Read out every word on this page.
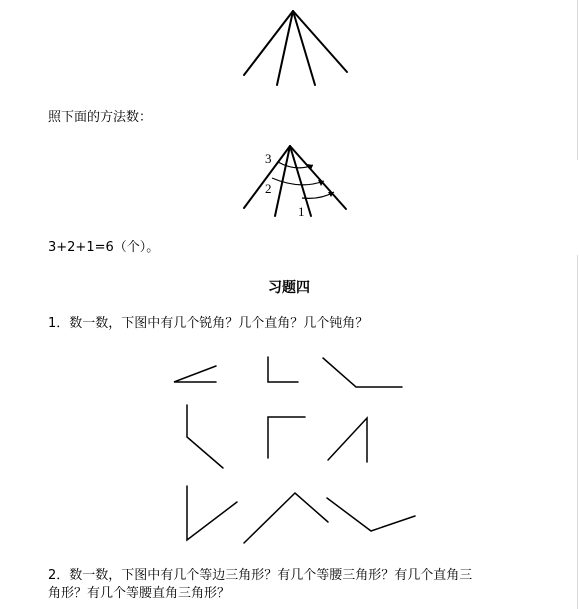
照下面的方法数：
3
2
1
3+2+1=6（个）。
习题四
1．数一数，下图中有几个锐角？几个直角？几个钝角？
2．数一数，下图中有几个等边三角形？有几个等腰三角形？有几个直角三
角形？有几个等腰直角三角形？
